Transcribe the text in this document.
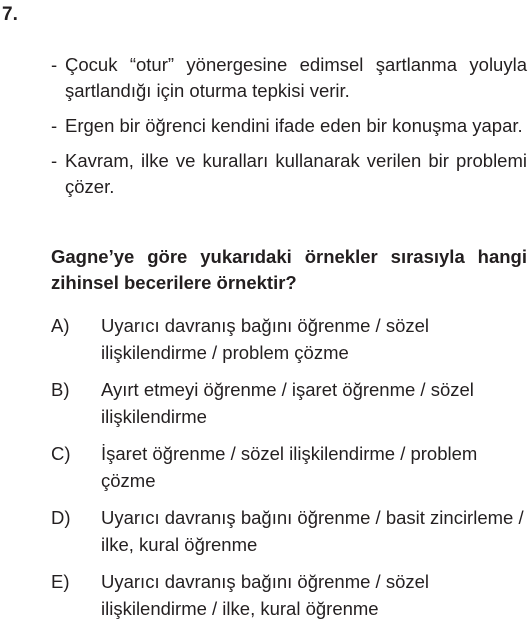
7.
- Çocuk “otur” yönergesine edimsel şartlanma yoluyla şartlandığı için oturma tepkisi verir.
- Ergen bir öğrenci kendini ifade eden bir konuşma yapar.
- Kavram, ilke ve kuralları kullanarak verilen bir problemi çözer.
Gagne’ye göre yukarıdaki örnekler sırasıyla hangi zihinsel becerilere örnektir?
A) Uyarıcı davranış bağını öğrenme / sözel ilişkilendirme / problem çözme
B) Ayırt etmeyi öğrenme / işaret öğrenme / sözel ilişkilendirme
C) İşaret öğrenme / sözel ilişkilendirme / problem çözme
D) Uyarıcı davranış bağını öğrenme / basit zincirleme / ilke, kural öğrenme
E) Uyarıcı davranış bağını öğrenme / sözel ilişkilendirme / ilke, kural öğrenme
